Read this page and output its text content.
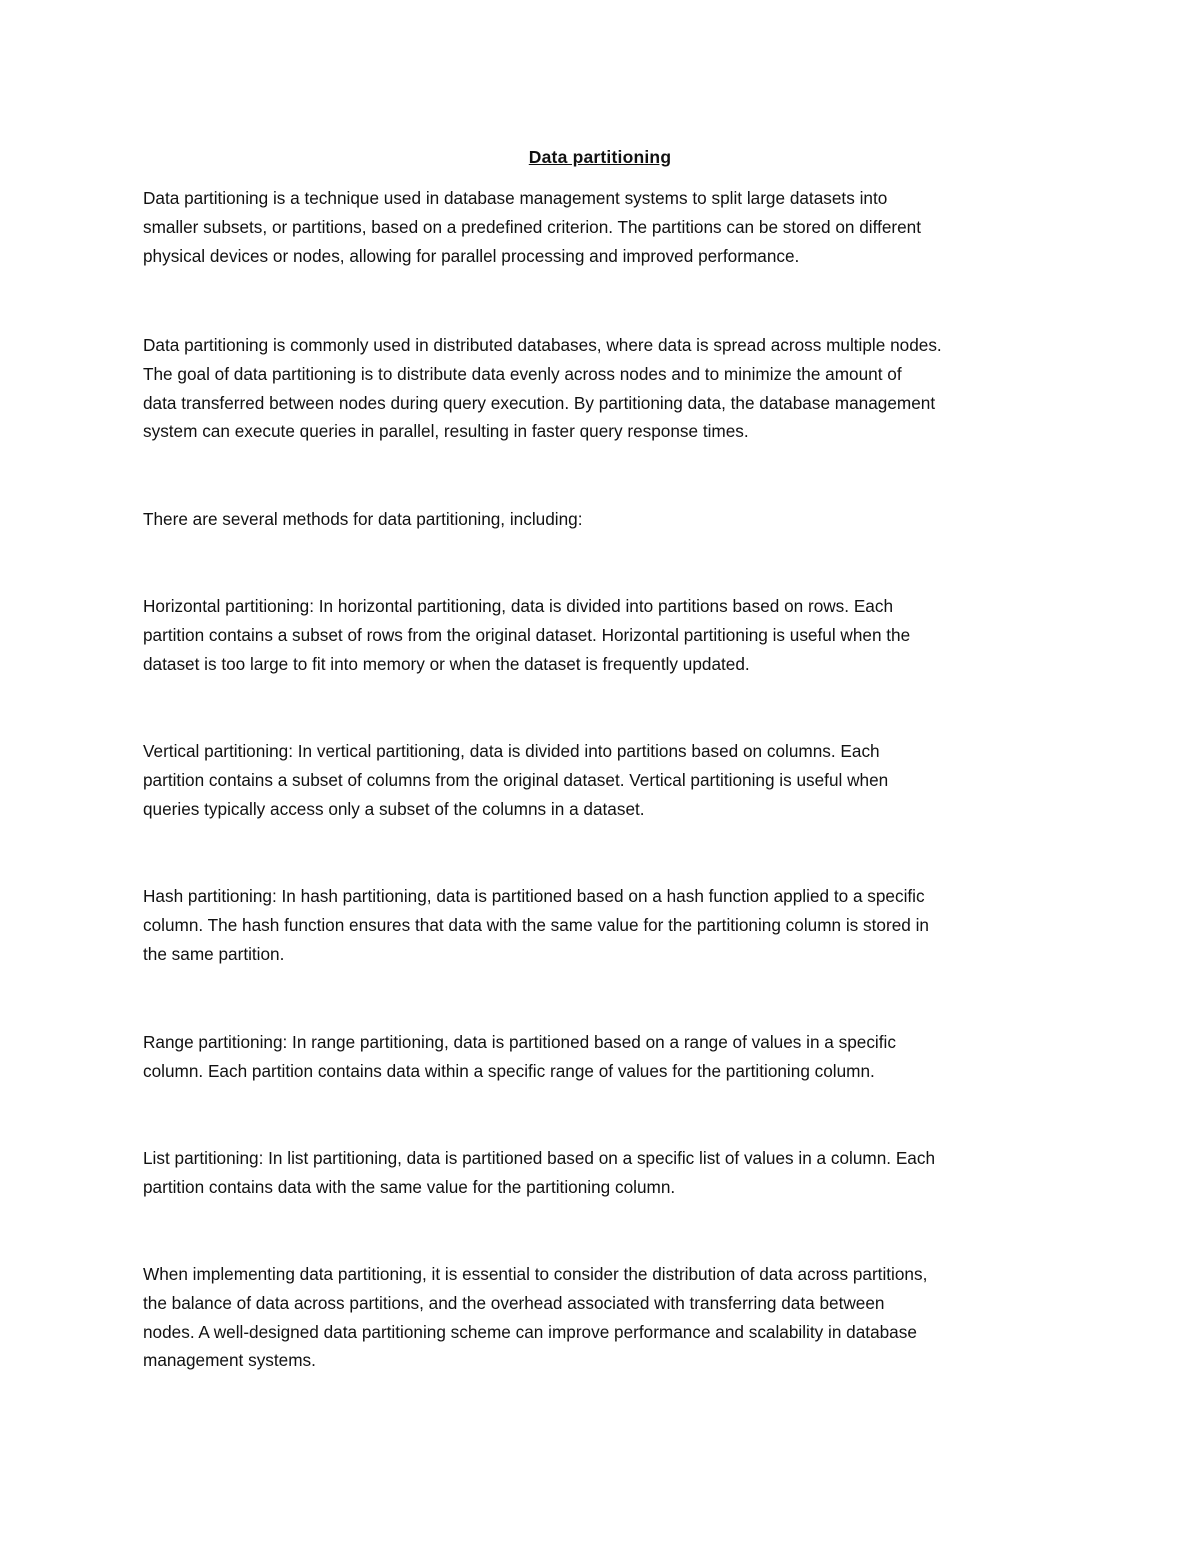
Data partitioning

Data partitioning is a technique used in database management systems to split large datasets into
smaller subsets, or partitions, based on a predefined criterion. The partitions can be stored on different
physical devices or nodes, allowing for parallel processing and improved performance.

Data partitioning is commonly used in distributed databases, where data is spread across multiple nodes.
The goal of data partitioning is to distribute data evenly across nodes and to minimize the amount of
data transferred between nodes during query execution. By partitioning data, the database management
system can execute queries in parallel, resulting in faster query response times.

There are several methods for data partitioning, including:

Horizontal partitioning: In horizontal partitioning, data is divided into partitions based on rows. Each
partition contains a subset of rows from the original dataset. Horizontal partitioning is useful when the
dataset is too large to fit into memory or when the dataset is frequently updated.

Vertical partitioning: In vertical partitioning, data is divided into partitions based on columns. Each
partition contains a subset of columns from the original dataset. Vertical partitioning is useful when
queries typically access only a subset of the columns in a dataset.

Hash partitioning: In hash partitioning, data is partitioned based on a hash function applied to a specific
column. The hash function ensures that data with the same value for the partitioning column is stored in
the same partition.

Range partitioning: In range partitioning, data is partitioned based on a range of values in a specific
column. Each partition contains data within a specific range of values for the partitioning column.

List partitioning: In list partitioning, data is partitioned based on a specific list of values in a column. Each
partition contains data with the same value for the partitioning column.

When implementing data partitioning, it is essential to consider the distribution of data across partitions,
the balance of data across partitions, and the overhead associated with transferring data between
nodes. A well-designed data partitioning scheme can improve performance and scalability in database
management systems.
